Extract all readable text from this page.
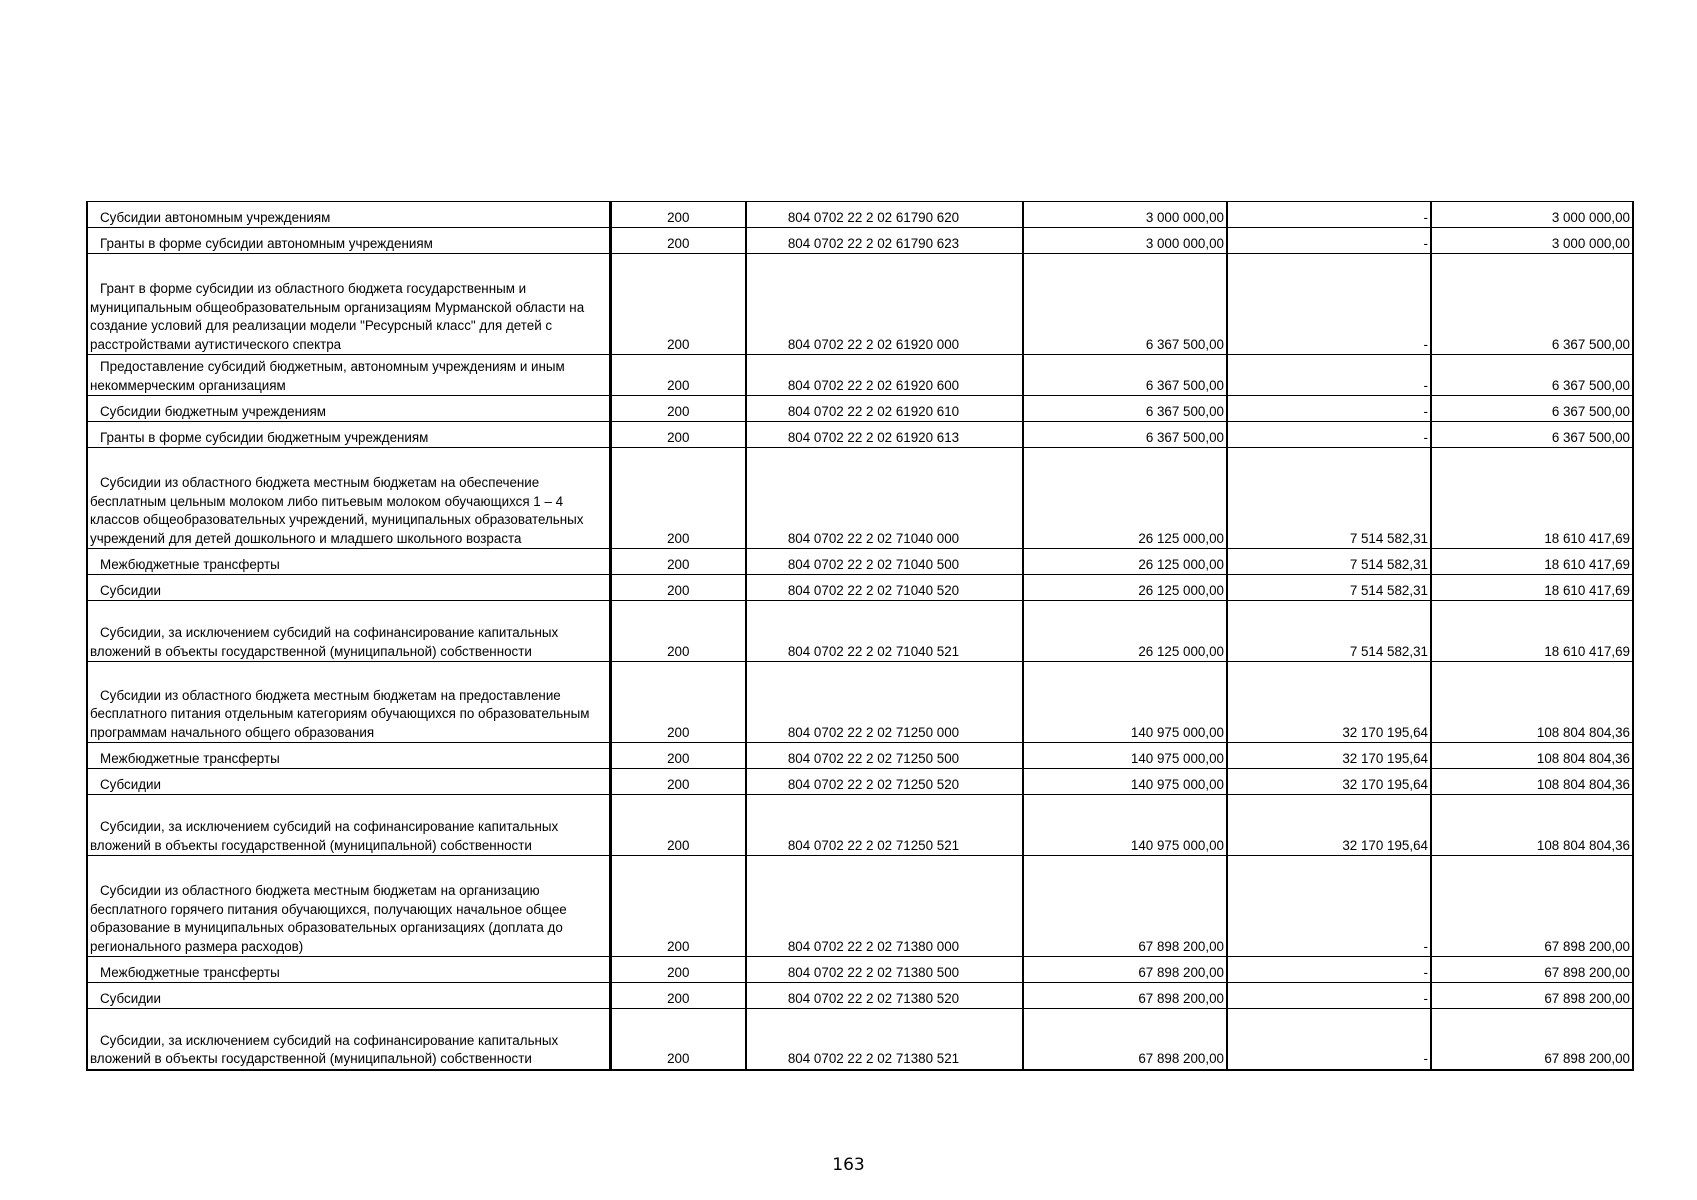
Субсидии автономным учреждениям	200	804 0702 22 2 02 61790 620	3 000 000,00	-	3 000 000,00
Гранты в форме субсидии автономным учреждениям	200	804 0702 22 2 02 61790 623	3 000 000,00	-	3 000 000,00
Грант в форме субсидии из областного бюджета государственным и муниципальным общеобразовательным организациям Мурманской области на создание условий для реализации модели "Ресурсный класс" для детей с расстройствами аутистического спектра	200	804 0702 22 2 02 61920 000	6 367 500,00	-	6 367 500,00
Предоставление субсидий бюджетным, автономным учреждениям и иным некоммерческим организациям	200	804 0702 22 2 02 61920 600	6 367 500,00	-	6 367 500,00
Субсидии бюджетным учреждениям	200	804 0702 22 2 02 61920 610	6 367 500,00	-	6 367 500,00
Гранты в форме субсидии бюджетным учреждениям	200	804 0702 22 2 02 61920 613	6 367 500,00	-	6 367 500,00
Субсидии из областного бюджета местным бюджетам на обеспечение бесплатным цельным молоком либо питьевым молоком обучающихся 1 – 4 классов общеобразовательных учреждений, муниципальных образовательных учреждений для детей дошкольного и младшего школьного возраста	200	804 0702 22 2 02 71040 000	26 125 000,00	7 514 582,31	18 610 417,69
Межбюджетные трансферты	200	804 0702 22 2 02 71040 500	26 125 000,00	7 514 582,31	18 610 417,69
Субсидии	200	804 0702 22 2 02 71040 520	26 125 000,00	7 514 582,31	18 610 417,69
Субсидии, за исключением субсидий на софинансирование капитальных вложений в объекты государственной (муниципальной) собственности	200	804 0702 22 2 02 71040 521	26 125 000,00	7 514 582,31	18 610 417,69
Субсидии из областного бюджета местным бюджетам на предоставление бесплатного питания отдельным категориям обучающихся по образовательным программам начального общего образования	200	804 0702 22 2 02 71250 000	140 975 000,00	32 170 195,64	108 804 804,36
Межбюджетные трансферты	200	804 0702 22 2 02 71250 500	140 975 000,00	32 170 195,64	108 804 804,36
Субсидии	200	804 0702 22 2 02 71250 520	140 975 000,00	32 170 195,64	108 804 804,36
Субсидии, за исключением субсидий на софинансирование капитальных вложений в объекты государственной (муниципальной) собственности	200	804 0702 22 2 02 71250 521	140 975 000,00	32 170 195,64	108 804 804,36
Субсидии из областного бюджета местным бюджетам на организацию бесплатного горячего питания обучающихся, получающих начальное общее образование в муниципальных образовательных организациях (доплата до регионального размера расходов)	200	804 0702 22 2 02 71380 000	67 898 200,00	-	67 898 200,00
Межбюджетные трансферты	200	804 0702 22 2 02 71380 500	67 898 200,00	-	67 898 200,00
Субсидии	200	804 0702 22 2 02 71380 520	67 898 200,00	-	67 898 200,00
Субсидии, за исключением субсидий на софинансирование капитальных вложений в объекты государственной (муниципальной) собственности	200	804 0702 22 2 02 71380 521	67 898 200,00	-	67 898 200,00
163
